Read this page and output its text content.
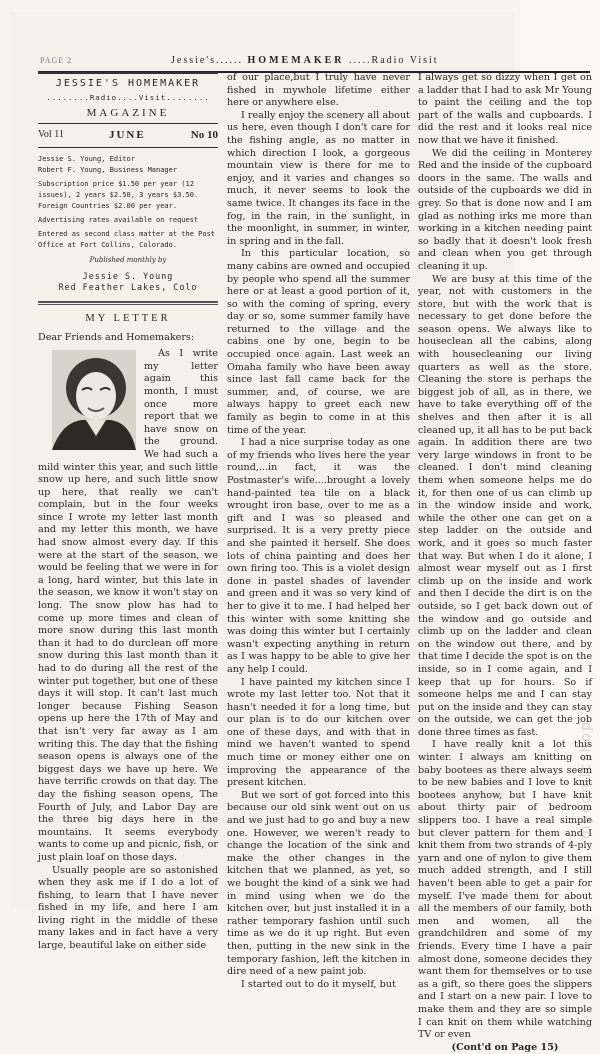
mycomicshop
PAGE 2	Jessie's...... HOMEMAKER .....Radio Visit
JESSIE'S HOMEMAKER
........Radio....Visit........
MAGAZINE
Vol 11	JUNE	No 10
Jessie S. Young, Editor
Robert F. Young, Business Manager
Subscription price $1.50 per year (12 issues), 2 years $2.50, 3 years $3.50. Foreign Countries $2.00 per year.
Advertising rates available on request
Entered as second class matter at the Post Office at Fort Collins, Colorado.
Published monthly by
Jessie S. Young
Red Feather Lakes, Colo
MY LETTER
Dear Friends and Homemakers:

As I write my letter again this month, I must once more report that we have snow on the ground. We had such a mild winter this year, and such little snow up here, and such little snow up here, that really we can't complain, but in the four weeks since I wrote my letter last month and my letter this month, we have had snow almost every day. If this were at the start of the season, we would be feeling that we were in for a long, hard winter, but this late in the season, we know it won't stay on long. The snow plow has had to come up more times and clean of more snow during this last month than it had to do durclean off more snow during this last month than it had to do during all the rest of the winter put together, but one of these days it will stop. It can't last much longer because Fishing Season opens up here the 17th of May and that isn't very far away as I am writing this. The day that the fishing season opens is always one of the biggest days we have up here. We have terrific crowds on that day. The day the fishing season opens, The Fourth of July, and Labor Day are the three big days here in the mountains. It seems everybody wants to come up and picnic, fish, or just plain loaf on those days.

Usually people are so astonished when they ask me if I do a lot of fishing, to learn that I have never fished in my life, and here I am living right in the middle of these many lakes and in fact have a very large, beautiful lake on either side

of our place,but I truly have never fished in mywhole lifetime either here or anywhere else.

I really enjoy the scenery all about us here, even though I don't care for the fishing angle, as no matter in which direction I look, a gorgeous mountain view is there for me to enjoy, and it varies and changes so much, it never seems to look the same twice. It changes its face in the fog, in the rain, in the sunlight, in the moonlight, in summer, in winter, in spring and in the fall.

In this particular location, so many cabins are owned and occupied by people who spend all the summer here or at least a good portion of it, so with the coming of spring, every day or so, some summer family have returned to the village and the cabins one by one, begin to be occupied once again. Last week an Omaha family who have been away since last fall came back for the summer, and, of course, we are always happy to greet each new family as begin to come in at this time of the year.

I had a nice surprise today as one of my friends who lives here the year round,...in fact, it was the Postmaster's wife....brought a lovely hand-painted tea tile on a black wrought iron base, over to me as a gift and I was so pleased and surprised. It is a very pretty piece and she painted it herself. She does lots of china painting and does her own firing too. This is a violet design done in pastel shades of lavender and green and it was so very kind of her to give it to me. I had helped her this winter with some knitting she was doing this winter but I certainly wasn't expecting anything in return as I was happy to be able to give her any help I could.

I have painted my kitchen since I wrote my last letter too. Not that it hasn't needed it for a long time, but our plan is to do our kitchen over one of these days, and with that in mind we haven't wanted to spend much time or money either one on improving the appearance of the present kitchen.

But we sort of got forced into this because our old sink went out on us and we just had to go and buy a new one. However, we weren't ready to change the location of the sink and make the other changes in the kitchen that we planned, as yet, so we bought the kind of a sink we had in mind using when we do the kitchen over, but just installed it in a rather temporary fashion until such time as we do it up right. But even then, putting in the new sink in the temporary fashion, left the kitchen in dire need of a new paint job.

I started out to do it myself, but

I always get so dizzy when I get on a ladder that I had to ask Mr Young to paint the ceiling and the top part of the walls and cupboards. I did the rest and it looks real nice now that we have it finished.

We did the ceiling in Monterey Red and the inside of the cupboard doors in the same. The walls and outside of the cupboards we did in grey. So that is done now and I am glad as nothing irks me more than working in a kitchen needing paint so badly that it doesn't look fresh and clean when you get through cleaning it up.

We are busy at this time of the year, not with customers in the store, but with the work that is necessary to get done before the season opens. We always like to houseclean all the cabins, along with housecleaning our living quarters as well as the store. Cleaning the store is perhaps the biggest job of all, as in there, we have to take everything off of the shelves and then after it is all cleaned up, it all has to be put back again. In addition there are two very large windows in front to be cleaned. I don't mind cleaning them when someone helps me do it, for then one of us can climb up in the window inside and work, while the other one can get on a step ladder on the outside and work, and it goes so much faster that way. But when I do it alone, I almost wear myself out as I first climb up on the inside and work and then I decide the dirt is on the outside, so I get back down out of the window and go outside and climb up on the ladder and clean on the window out there, and by that time I decide the spot is on the inside, so in I come again, and I keep that up for hours. So if someone helps me and I can stay put on the inside and they can stay on the outside, we can get the job done three times as fast.

I have really knit a lot this winter. I always am knitting on baby bootees as there always seem to be new babies and I love to knit bootees anyhow, but I have knit about thirty pair of bedroom slippers too. I have a real simple but clever pattern for them and I knit them from two strands of 4-ply yarn and one of nylon to give them much added strength, and I still haven't been able to get a pair for myself. I've made them for about all the members of our family, both men and women, all the grandchildren and some of my friends. Every time I have a pair almost done, someone decides they want them for themselves or to use as a gift, so there goes the slippers and I start on a new pair. I love to make them and they are so simple I can knit on them while watching TV or even

(Cont'd on Page 15)
